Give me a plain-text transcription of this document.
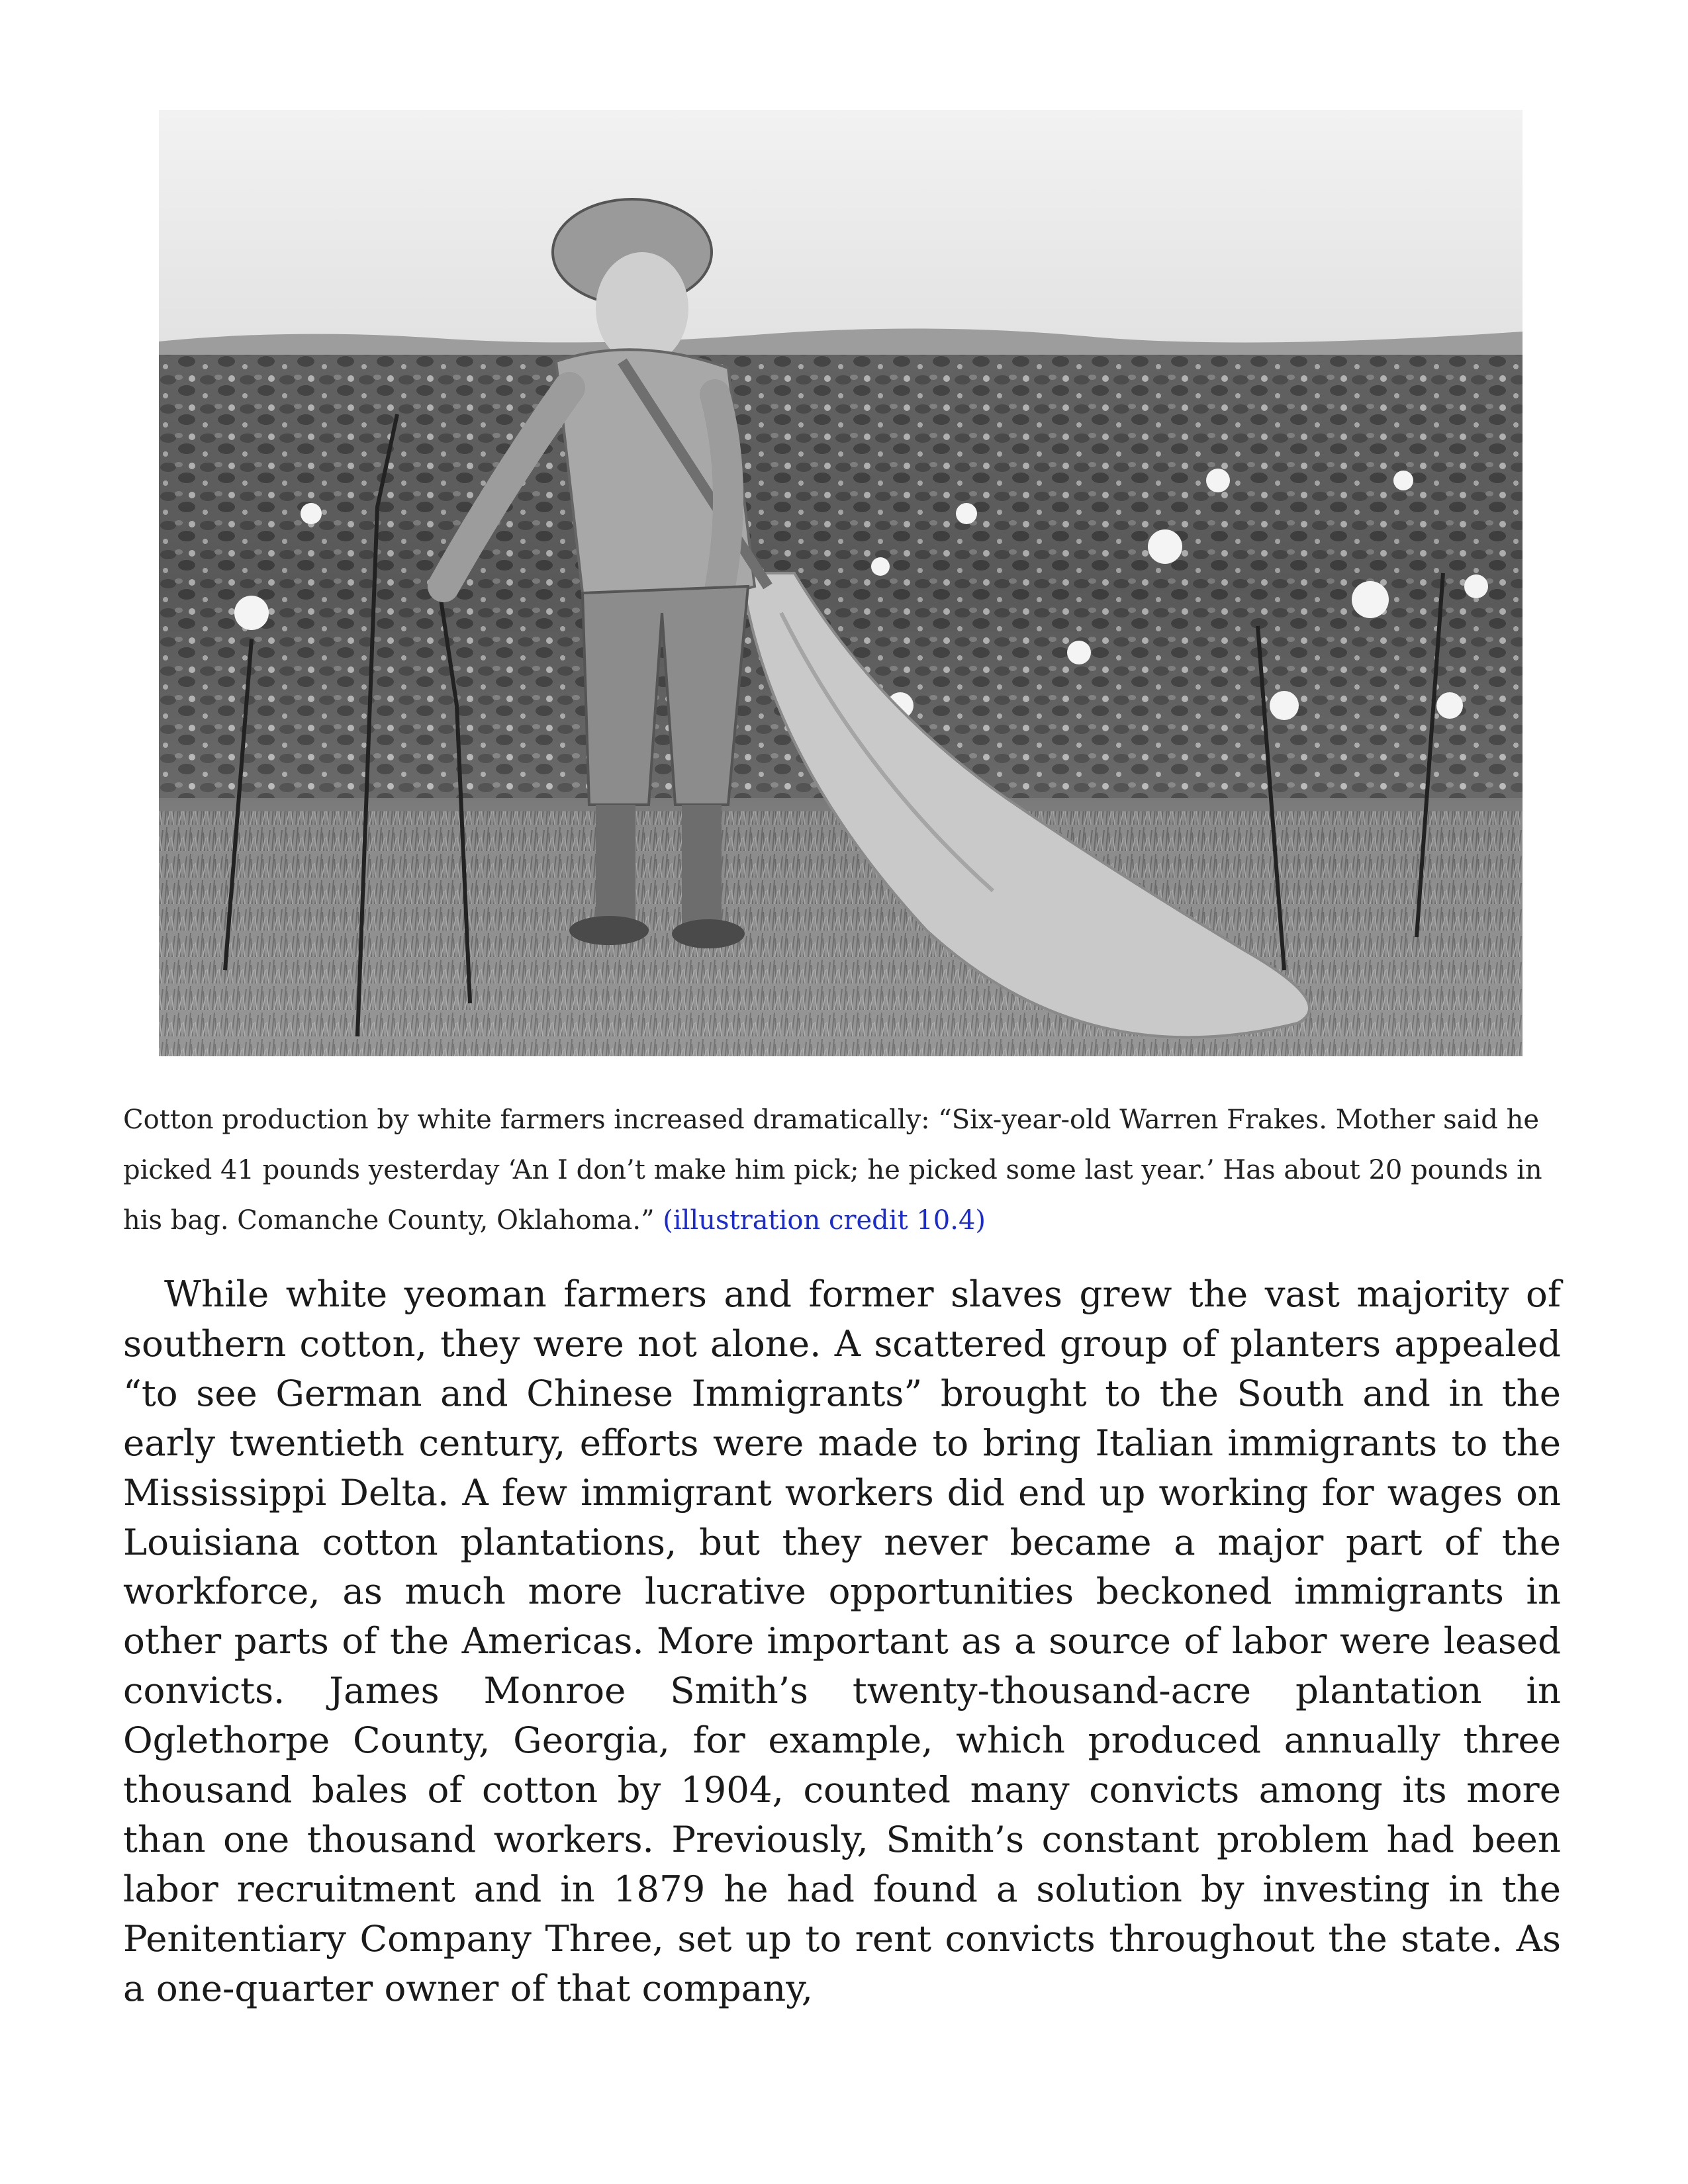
Cotton production by white farmers increased dramatically: “Six-year-old Warren Frakes. Mother said he picked 41 pounds yesterday ‘An I don’t make him pick; he picked some last year.’ Has about 20 pounds in his bag. Comanche County, Oklahoma.” (illustration credit 10.4)

While white yeoman farmers and former slaves grew the vast majority of southern cotton, they were not alone. A scattered group of planters appealed “to see German and Chinese Immigrants” brought to the South and in the early twentieth century, efforts were made to bring Italian immigrants to the Mississippi Delta. A few immigrant workers did end up working for wages on Louisiana cotton plantations, but they never became a major part of the workforce, as much more lucrative opportunities beckoned immigrants in other parts of the Americas. More important as a source of labor were leased convicts. James Monroe Smith’s twenty-thousand-acre plantation in Oglethorpe County, Georgia, for example, which produced annually three thousand bales of cotton by 1904, counted many convicts among its more than one thousand workers. Previously, Smith’s constant problem had been labor recruitment and in 1879 he had found a solution by investing in the Penitentiary Company Three, set up to rent convicts throughout the state. As a one-quarter owner of that company,
